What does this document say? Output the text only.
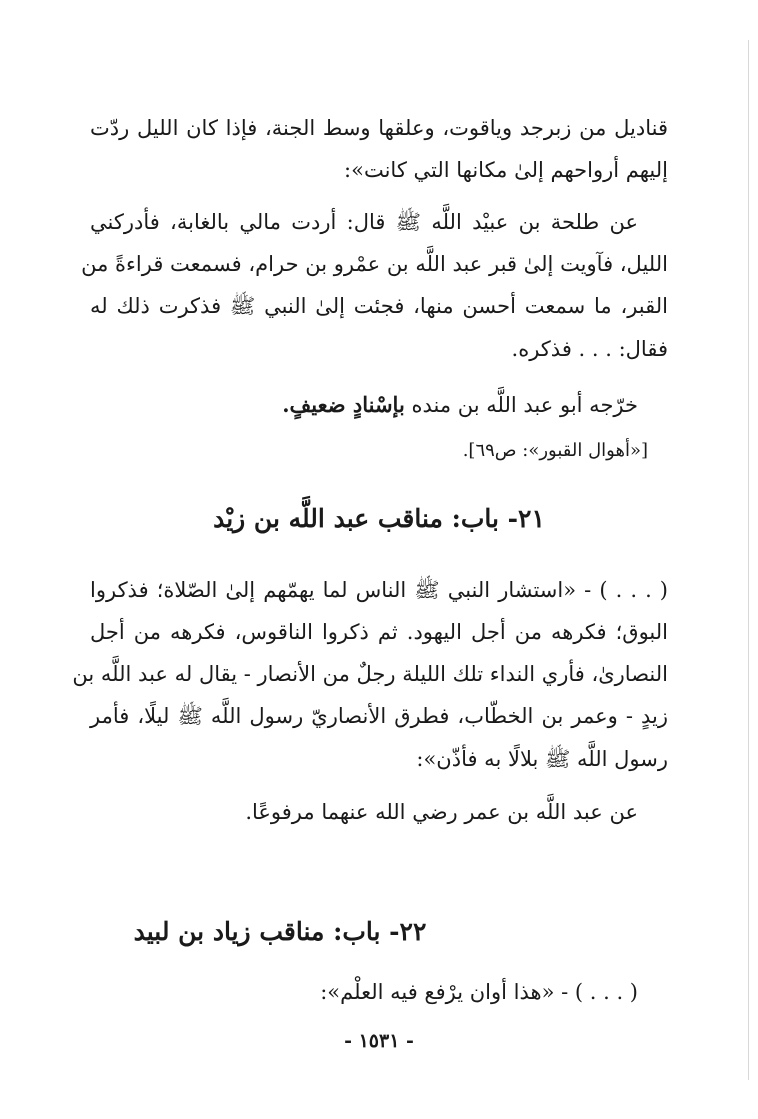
قناديل من زبرجد وياقوت، وعلقها وسط الجنة، فإذا كان الليل ردّت
إليهم أرواحهم إلىٰ مكانها التي كانت»:
عن طلحة بن عبيْد اللَّه ﷺ قال: أردت مالي بالغابة، فأدركني
الليل، فآويت إلىٰ قبر عبد اللَّه بن عمْرو بن حرام، فسمعت قراءةً من
القبر، ما سمعت أحسن منها، فجئت إلىٰ النبي ﷺ فذكرت ذلك له
فقال: . . . فذكره.
خرّجه أبو عبد اللَّه بن منده بإسْنادٍ ضعيفٍ.
[«أهوال القبور»: ص٦٩].
٢١- باب: مناقب عبد اللَّه بن زيْد
( . . . ) - «استشار النبي ﷺ الناس لما يهمّهم إلىٰ الصّلاة؛ فذكروا
البوق؛ فكرهه من أجل اليهود. ثم ذكروا الناقوس، فكرهه من أجل
النصارىٰ، فأري النداء تلك الليلة رجلٌ من الأنصار - يقال له عبد اللَّه بن
زيدٍ - وعمر بن الخطّاب، فطرق الأنصاريّ رسول اللَّه ﷺ ليلًا، فأمر
رسول اللَّه ﷺ بلالًا به فأذّن»:
عن عبد اللَّه بن عمر رضي الله عنهما مرفوعًا.
٢٢- باب: مناقب زياد بن لبيد
( . . . ) - «هذا أوان يرْفع فيه العلْم»:
- ١٥٣١ -
